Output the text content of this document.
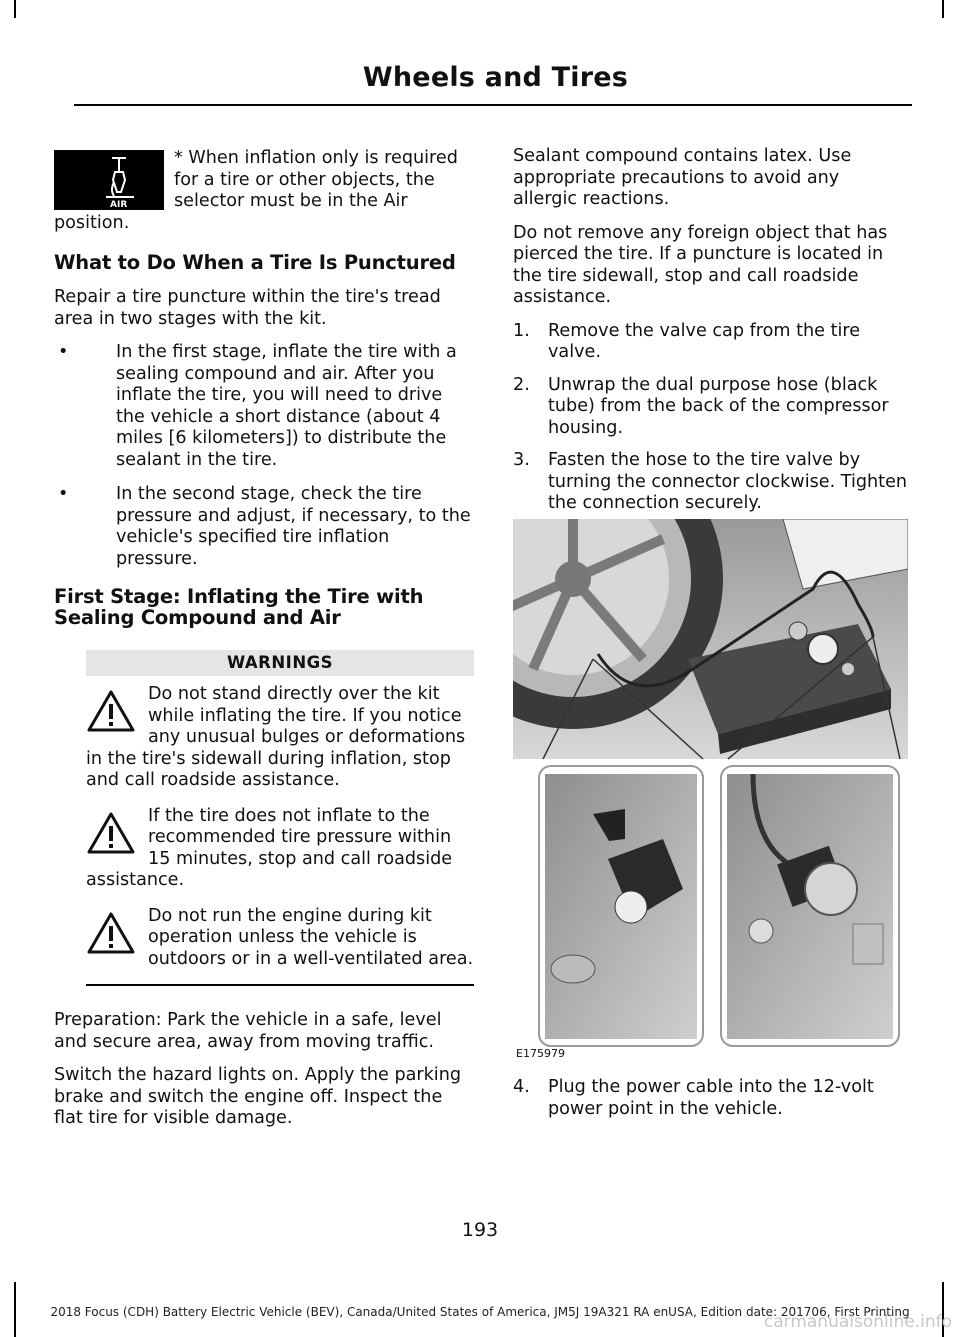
Wheels and Tires
AIR

* When inflation only is required for a tire or other objects, the selector must be in the Air position.

What to Do When a Tire Is Punctured

Repair a tire puncture within the tire's tread area in two stages with the kit.

•	In the first stage, inflate the tire with a sealing compound and air. After you inflate the tire, you will need to drive the vehicle a short distance (about 4 miles [6 kilometers]) to distribute the sealant in the tire.
•	In the second stage, check the tire pressure and adjust, if necessary, to the vehicle's specified tire inflation pressure.
First Stage: Inflating the Tire with Sealing Compound and Air
WARNINGS
Do not stand directly over the kit while inflating the tire. If you notice any unusual bulges or deformations in the tire's sidewall during inflation, stop and call roadside assistance.
If the tire does not inflate to the recommended tire pressure within 15 minutes, stop and call roadside assistance.
Do not run the engine during kit operation unless the vehicle is outdoors or in a well-ventilated area.

Preparation: Park the vehicle in a safe, level and secure area, away from moving traffic.

Switch the hazard lights on. Apply the parking brake and switch the engine off. Inspect the flat tire for visible damage.

Sealant compound contains latex. Use appropriate precautions to avoid any allergic reactions.

Do not remove any foreign object that has pierced the tire. If a puncture is located in the tire sidewall, stop and call roadside assistance.

1. Remove the valve cap from the tire valve.
2. Unwrap the dual purpose hose (black tube) from the back of the compressor housing.
3. Fasten the hose to the tire valve by turning the connector clockwise. Tighten the connection securely.
E175979
4. Plug the power cable into the 12-volt power point in the vehicle.
193
2018 Focus (CDH) Battery Electric Vehicle (BEV), Canada/United States of America, JM5J 19A321 RA enUSA, Edition date: 201706, First Printing
carmanualsonline.info
